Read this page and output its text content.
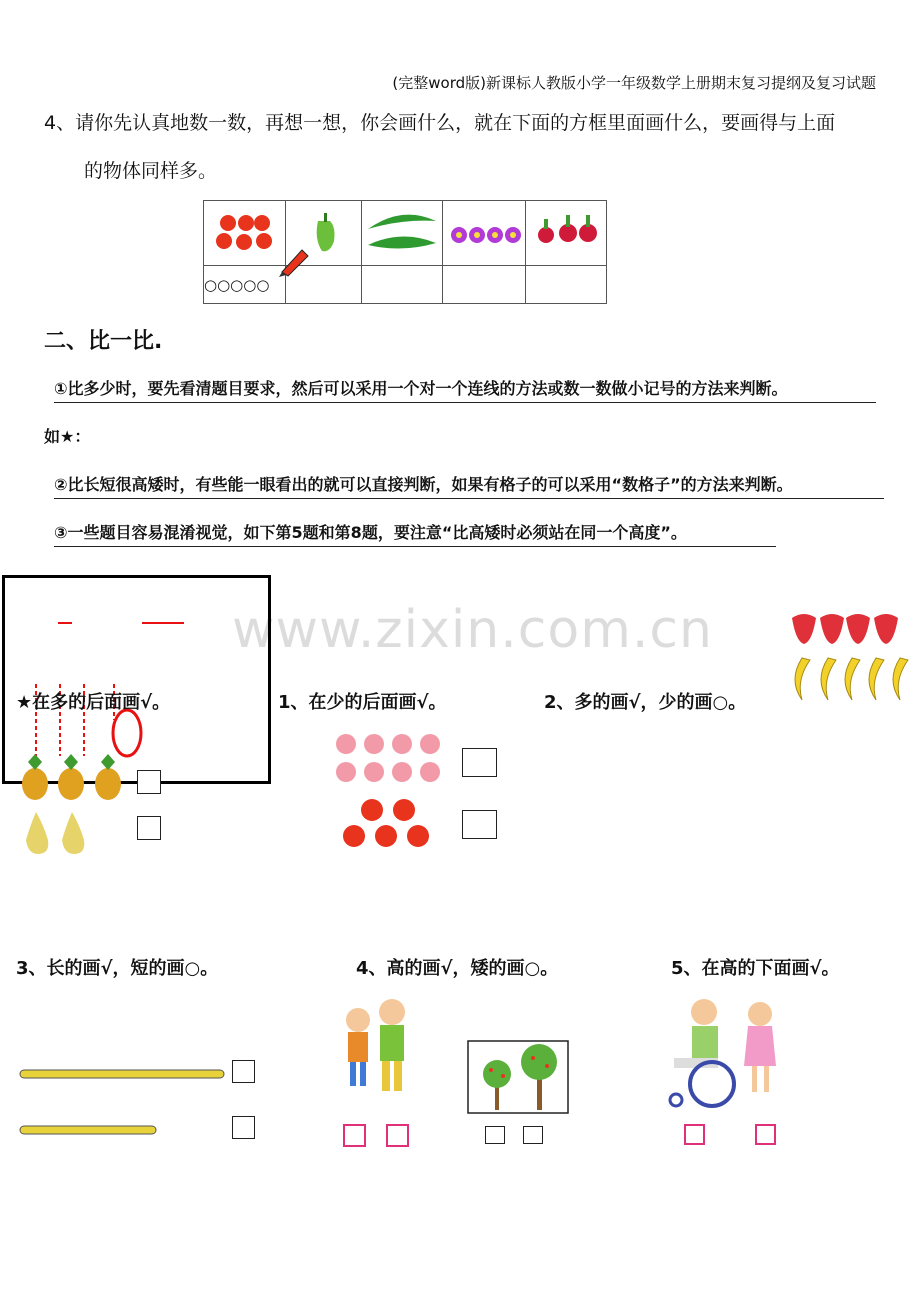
(完整word版)新课标人教版小学一年级数学上册期末复习提纲及复习试题
4、请你先认真地数一数，再想一想，你会画什么，就在下面的方框里面画什么，要画得与上面
的物体同样多。

○○○○○				
二、比一比.
①比多少时，要先看清题目要求，然后可以采用一个对一个连线的方法或数一数做小记号的方法来判断。
如★：
②比长短很高矮时，有些能一眼看出的就可以直接判断，如果有格子的可以采用“数格子”的方法来判断。
③一些题目容易混淆视觉，如下第5题和第8题，要注意“比高矮时必须站在同一个高度”。
www.zixin.com.cn
★在多的后面画√。	1、在少的后面画√。	2、多的画√，少的画○。
3、长的画√，短的画○。	4、高的画√，矮的画○。	5、在高的下面画√。
